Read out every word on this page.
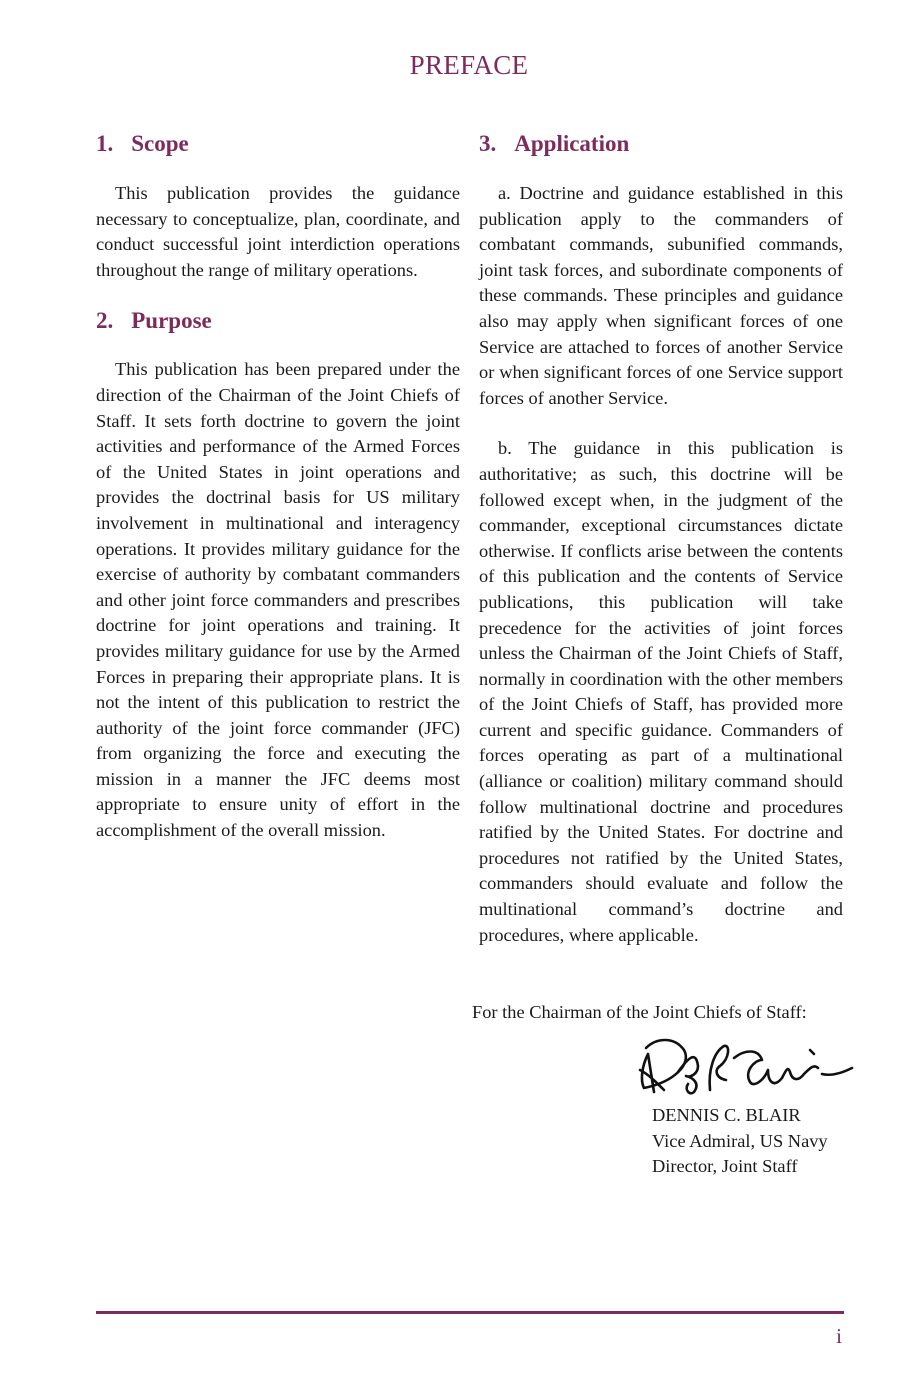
PREFACE
1. Scope

This publication provides the guidance necessary to conceptualize, plan, coordinate, and conduct successful joint interdiction operations throughout the range of military operations.

2. Purpose

This publication has been prepared under the direction of the Chairman of the Joint Chiefs of Staff. It sets forth doctrine to govern the joint activities and performance of the Armed Forces of the United States in joint operations and provides the doctrinal basis for US military involvement in multinational and interagency operations. It provides military guidance for the exercise of authority by combatant commanders and other joint force commanders and prescribes doctrine for joint operations and training. It provides military guidance for use by the Armed Forces in preparing their appropriate plans. It is not the intent of this publication to restrict the authority of the joint force commander (JFC) from organizing the force and executing the mission in a manner the JFC deems most appropriate to ensure unity of effort in the accomplishment of the overall mission.

3. Application

a. Doctrine and guidance established in this publication apply to the commanders of combatant commands, subunified commands, joint task forces, and subordinate components of these commands. These principles and guidance also may apply when significant forces of one Service are attached to forces of another Service or when significant forces of one Service support forces of another Service.

b. The guidance in this publication is authoritative; as such, this doctrine will be followed except when, in the judgment of the commander, exceptional circumstances dictate otherwise. If conflicts arise between the contents of this publication and the contents of Service publications, this publication will take precedence for the activities of joint forces unless the Chairman of the Joint Chiefs of Staff, normally in coordination with the other members of the Joint Chiefs of Staff, has provided more current and specific guidance. Commanders of forces operating as part of a multinational (alliance or coalition) military command should follow multinational doctrine and procedures ratified by the United States. For doctrine and procedures not ratified by the United States, commanders should evaluate and follow the multinational command’s doctrine and procedures, where applicable.

For the Chairman of the Joint Chiefs of Staff:
DENNIS C. BLAIR
Vice Admiral, US Navy
Director, Joint Staff
i
